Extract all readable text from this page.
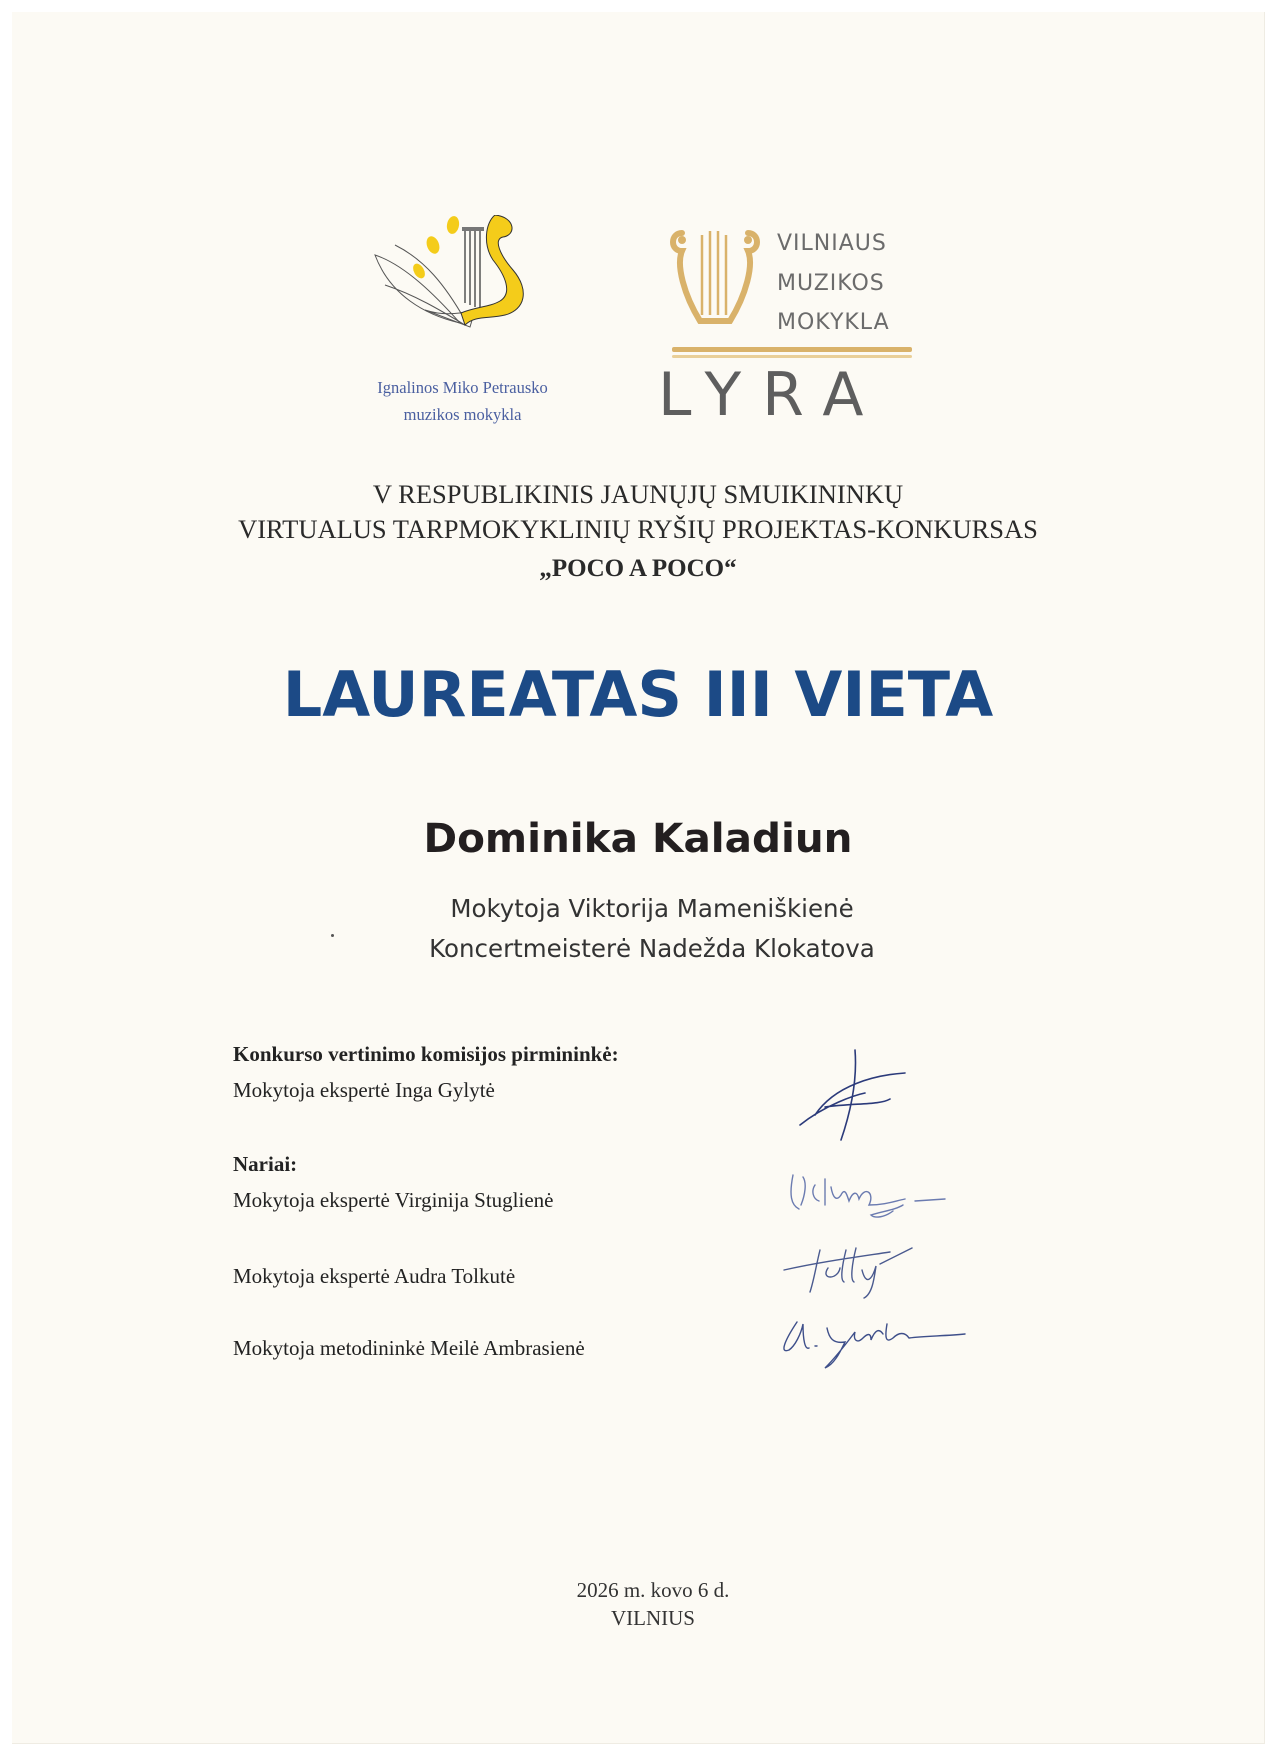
Ignalinos Miko Petrausko
muzikos mokykla
VILNIAUS
MUZIKOS
MOKYKLA
LYRA
V RESPUBLIKINIS JAUNŲJŲ SMUIKININKŲ
VIRTUALUS TARPMOKYKLINIŲ RYŠIŲ PROJEKTAS-KONKURSAS
„POCO A POCO“
LAUREATAS III VIETA
Dominika Kaladiun
Mokytoja Viktorija Mameniškienė
Koncertmeisterė Nadežda Klokatova
Konkurso vertinimo komisijos pirmininkė:
Mokytoja ekspertė Inga Gylytė
Nariai:
Mokytoja ekspertė Virginija Stuglienė
Mokytoja ekspertė Audra Tolkutė
Mokytoja metodininkė Meilė Ambrasienė
2026 m. kovo 6 d.
VILNIUS
